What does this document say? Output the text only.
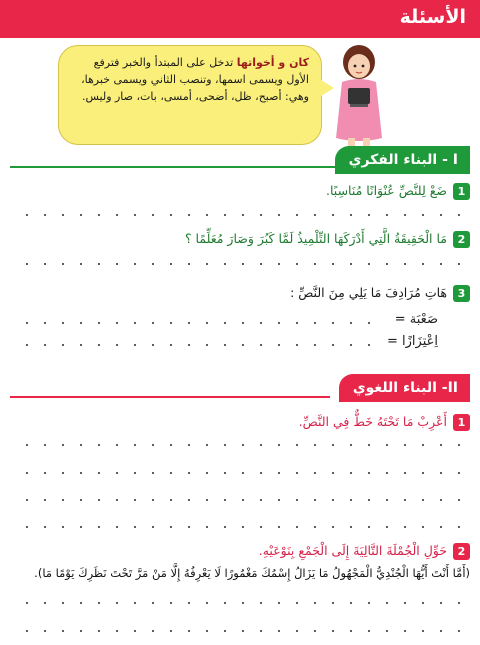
الأسئلة
كان و أخواتها تدخل على المبتدأ والخبر فترفع الأول ويسمى اسمها، وتنصب الثاني ويسمى خبرها، وهي: أصبح، ظل، أضحى، أمسى، بات، صار وليس.
I - البناء الفكري
1ضَعْ لِلنَّصِّ عُنْوَانًا مُنَاسِبًا.
2مَا الْحَقِيقَةُ الَّتِي أَدْرَكَهَا التِّلْمِيذُ لَمَّا كَبُرَ وَصَارَ مُعَلِّمًا ؟
3هَاتِ مُرَادِفَ مَا يَلِي مِنَ النَّصِّ :
صَعْبَة =
اِعْتِزَازًا =
II- البناء اللغوي
1أَعْرِبْ مَا تَحْتَهُ خَطٌّ فِي النَّصِّ.
2حَوِّلِ الْجُمْلَةَ التَّالِيَةَ إِلَى الْجَمْعِ بِنَوْعَيْهِ.
(أَمَّا أَنْتَ أَيُّهَا الْجُنْدِيُّ الْمَجْهُولُ مَا يَزَالُ إِسْمُكَ مَغْمُورًا لَا يَعْرِفُهُ إِلَّا مَنْ مَرَّ تَحْتَ نَظَرِكَ يَوْمًا مَا).
